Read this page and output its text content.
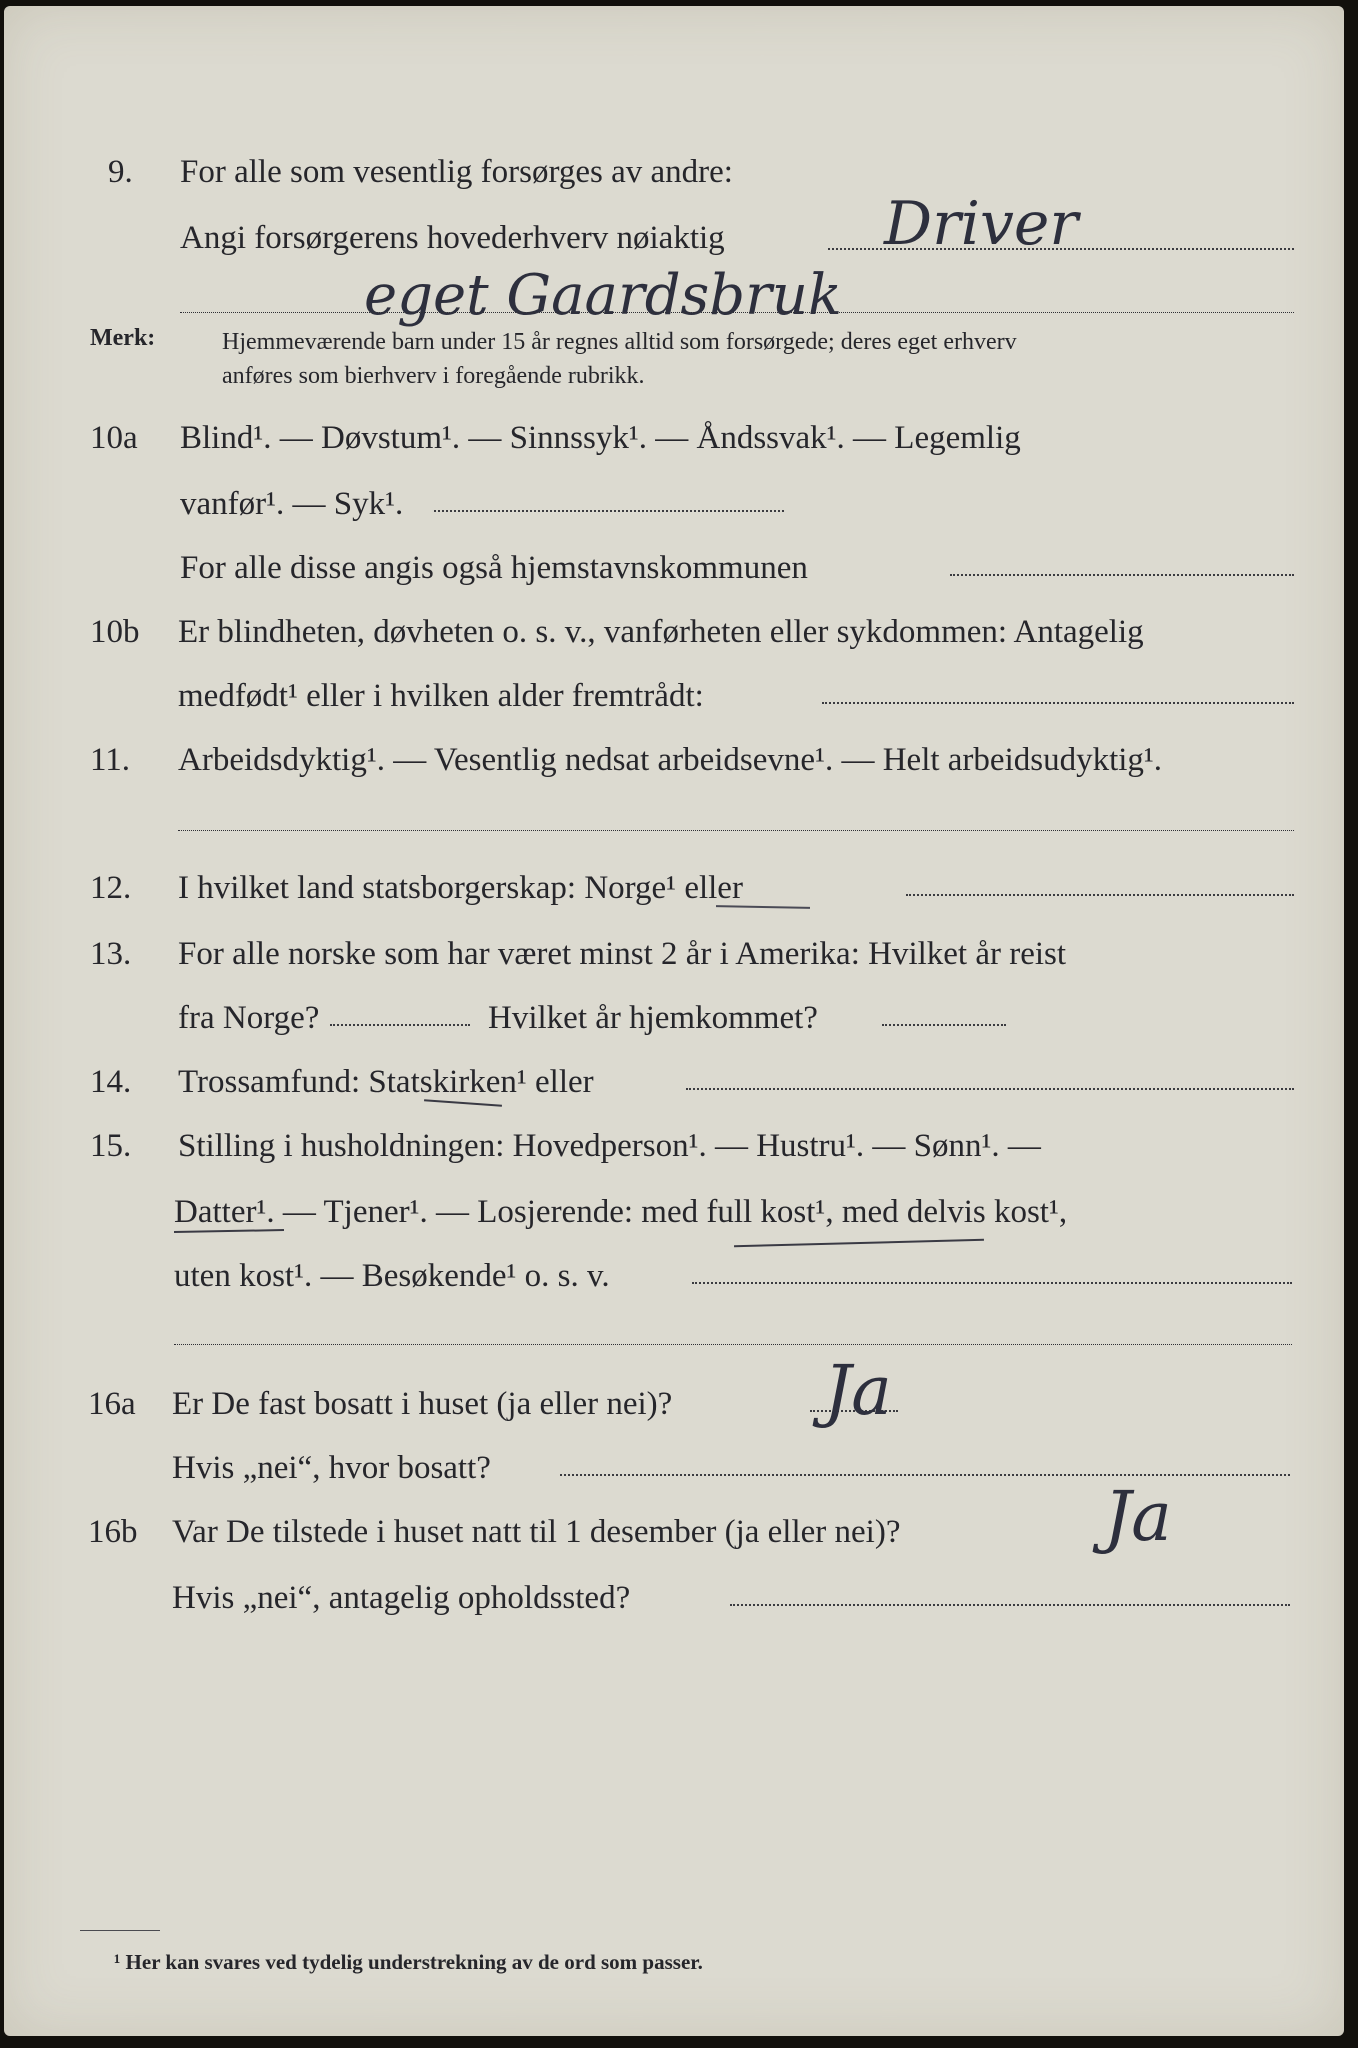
9. For alle som vesentlig forsørges av andre:
Angi forsørgerens hovederhverv nøiaktig	Driver
eget Gaardsbruk
Merk:	Hjemmeværende barn under 15 år regnes alltid som forsørgede; deres eget erhverv
anføres som bierhverv i foregående rubrikk.
10a Blind¹. — Døvstum¹. — Sinnssyk¹. — Åndssvak¹. — Legemlig
vanfør¹. — Syk¹.
For alle disse angis også hjemstavnskommunen
10b Er blindheten, døvheten o. s. v., vanførheten eller sykdommen: Antagelig
medfødt¹ eller i hvilken alder fremtrådt:
11. Arbeidsdyktig¹. — Vesentlig nedsat arbeidsevne¹. — Helt arbeidsudyktig¹.
12. I hvilket land statsborgerskap: Norge¹ eller
13. For alle norske som har været minst 2 år i Amerika: Hvilket år reist
fra Norge?	Hvilket år hjemkommet?
14. Trossamfund: Statskirken¹ eller
15. Stilling i husholdningen: Hovedperson¹. — Hustru¹. — Sønn¹. —
Datter¹. — Tjener¹. — Losjerende: med full kost¹, med delvis kost¹,
uten kost¹. — Besøkende¹ o. s. v.
16a Er De fast bosatt i huset (ja eller nei)? Ja
Hvis „nei“, hvor bosatt?
16b Var De tilstede i huset natt til 1 desember (ja eller nei)?	Ja
Hvis „nei“, antagelig opholdssted?
¹ Her kan svares ved tydelig understrekning av de ord som passer.
